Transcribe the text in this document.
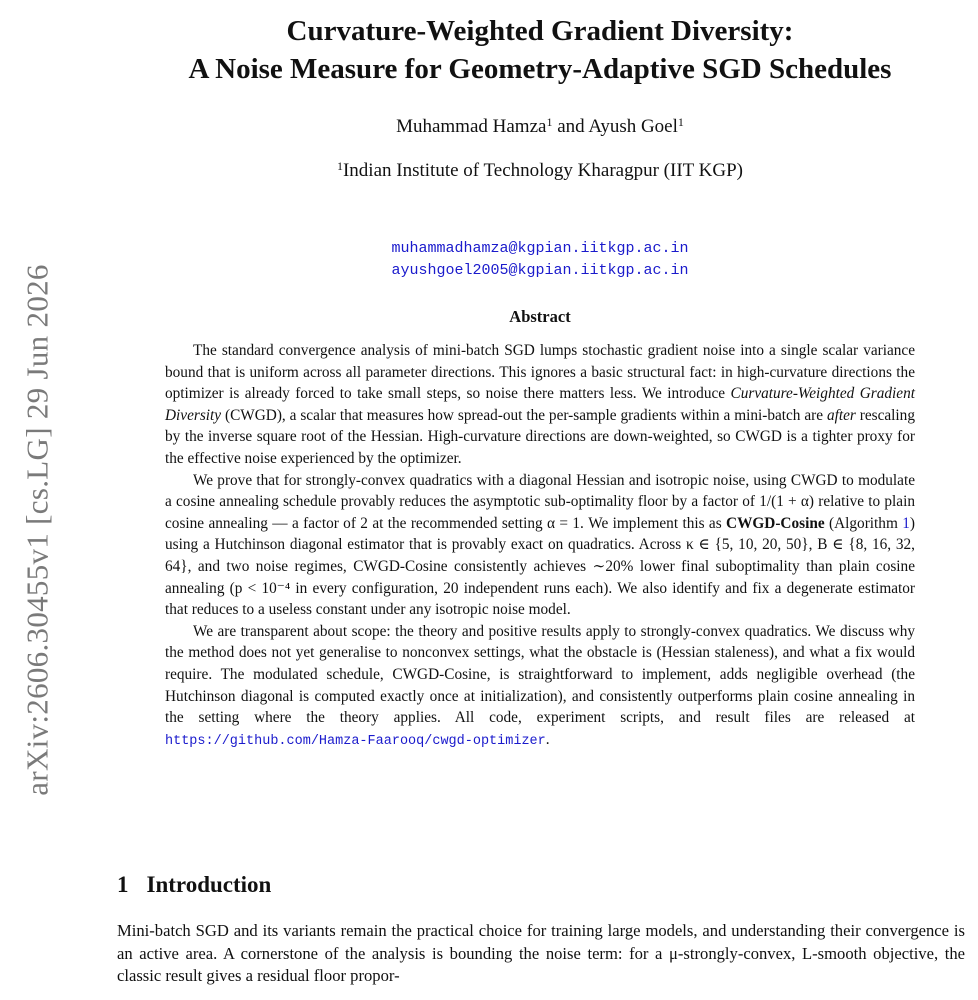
arXiv:2606.30455v1 [cs.LG] 29 Jun 2026
Curvature-Weighted Gradient Diversity:
A Noise Measure for Geometry-Adaptive SGD Schedules
Muhammad Hamza$^1$ and Ayush Goel$^1$
$^1$Indian Institute of Technology Kharagpur (IIT KGP)
muhammadhamza@kgpian.iitkgp.ac.in
ayushgoel2005@kgpian.iitkgp.ac.in
Abstract

The standard convergence analysis of mini-batch SGD lumps stochastic gradient noise into a single scalar variance bound that is uniform across all parameter directions. This ignores a basic structural fact: in high-curvature directions the optimizer is already forced to take small steps, so noise there matters less. We introduce Curvature-Weighted Gradient Diversity (CWGD), a scalar that measures how spread-out the per-sample gradients within a mini-batch are after rescaling by the inverse square root of the Hessian. High-curvature directions are down-weighted, so CWGD is a tighter proxy for the effective noise experienced by the optimizer.

We prove that for strongly-convex quadratics with a diagonal Hessian and isotropic noise, using CWGD to modulate a cosine annealing schedule provably reduces the asymptotic sub-optimality floor by a factor of 1/(1 + α) relative to plain cosine annealing — a factor of 2 at the recommended setting α = 1. We implement this as CWGD-Cosine (Algorithm 1) using a Hutchinson diagonal estimator that is provably exact on quadratics. Across κ ∈ {5, 10, 20, 50}, B ∈ {8, 16, 32, 64}, and two noise regimes, CWGD-Cosine consistently achieves ∼20% lower final suboptimality than plain cosine annealing (p < 10⁻⁴ in every configuration, 20 independent runs each). We also identify and fix a degenerate estimator that reduces to a useless constant under any isotropic noise model.

We are transparent about scope: the theory and positive results apply to strongly-convex quadratics. We discuss why the method does not yet generalise to nonconvex settings, what the obstacle is (Hessian staleness), and what a fix would require. The modulated schedule, CWGD-Cosine, is straightforward to implement, adds negligible overhead (the Hutchinson diagonal is computed exactly once at initialization), and consistently outperforms plain cosine annealing in the setting where the theory applies. All code, experiment scripts, and result files are released at https://github.com/Hamza-Faarooq/cwgd-optimizer.

1 Introduction

Mini-batch SGD and its variants remain the practical choice for training large models, and understanding their convergence is an active area. A cornerstone of the analysis is bounding the noise term: for a μ-strongly-convex, L-smooth objective, the classic result gives a residual floor propor-
